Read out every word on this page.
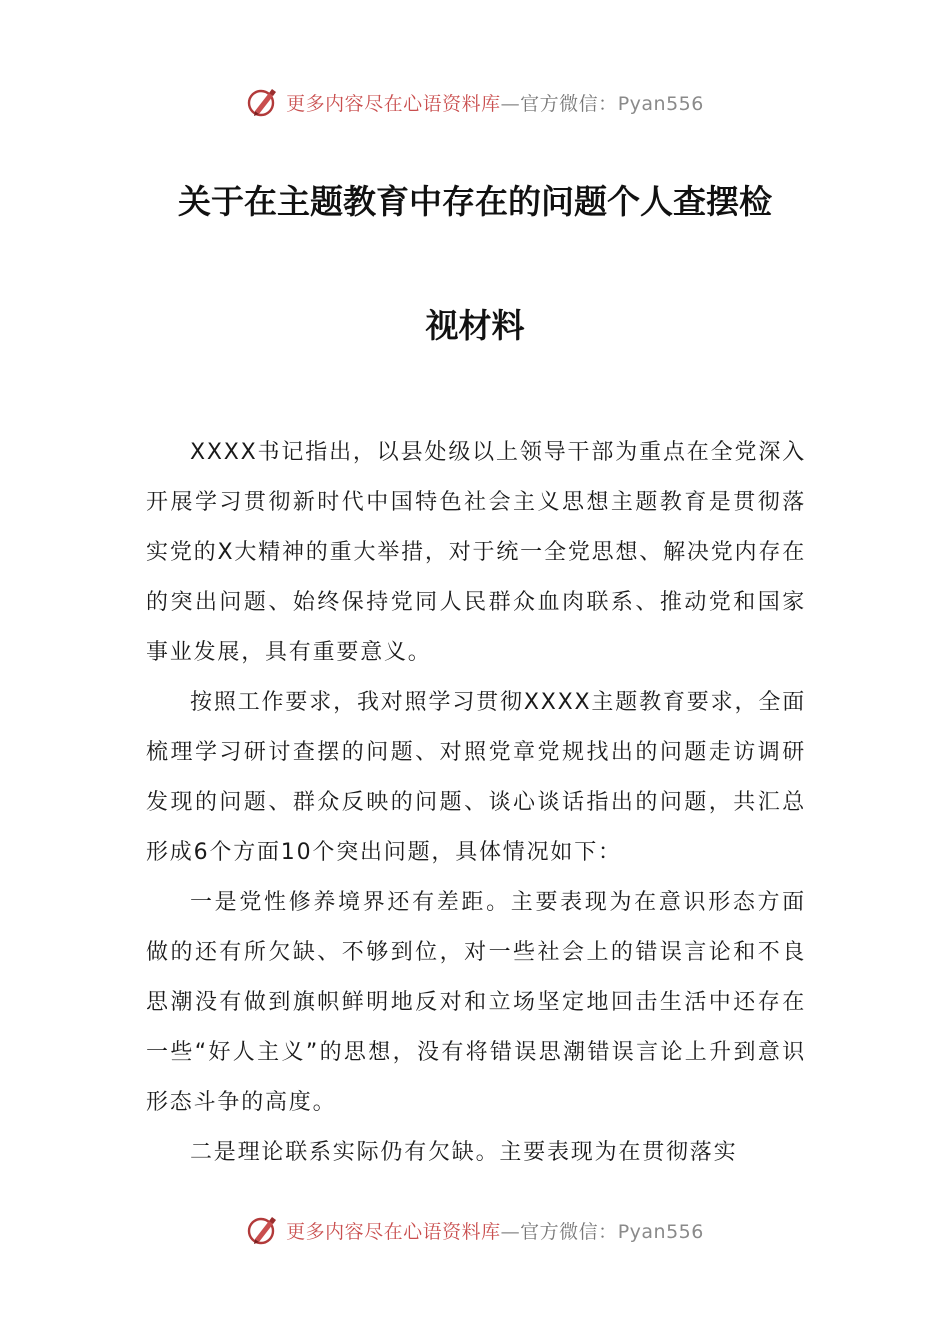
更多内容尽在心语资料库—官方微信：Pyan556
关于在主题教育中存在的问题个人查摆检
视材料

XXXX书记指出，以县处级以上领导干部为重点在全党深入开展学习贯彻新时代中国特色社会主义思想主题教育是贯彻落实党的X大精神的重大举措，对于统一全党思想、解决党内存在的突出问题、始终保持党同人民群众血肉联系、推动党和国家事业发展，具有重要意义。

按照工作要求，我对照学习贯彻XXXX主题教育要求，全面梳理学习研讨查摆的问题、对照党章党规找出的问题走访调研发现的问题、群众反映的问题、谈心谈话指出的问题，共汇总形成6个方面10个突出问题，具体情况如下：

一是党性修养境界还有差距。主要表现为在意识形态方面做的还有所欠缺、不够到位，对一些社会上的错误言论和不良思潮没有做到旗帜鲜明地反对和立场坚定地回击生活中还存在一些“好人主义”的思想，没有将错误思潮错误言论上升到意识形态斗争的高度。

二是理论联系实际仍有欠缺。主要表现为在贯彻落实

更多内容尽在心语资料库—官方微信：Pyan556
